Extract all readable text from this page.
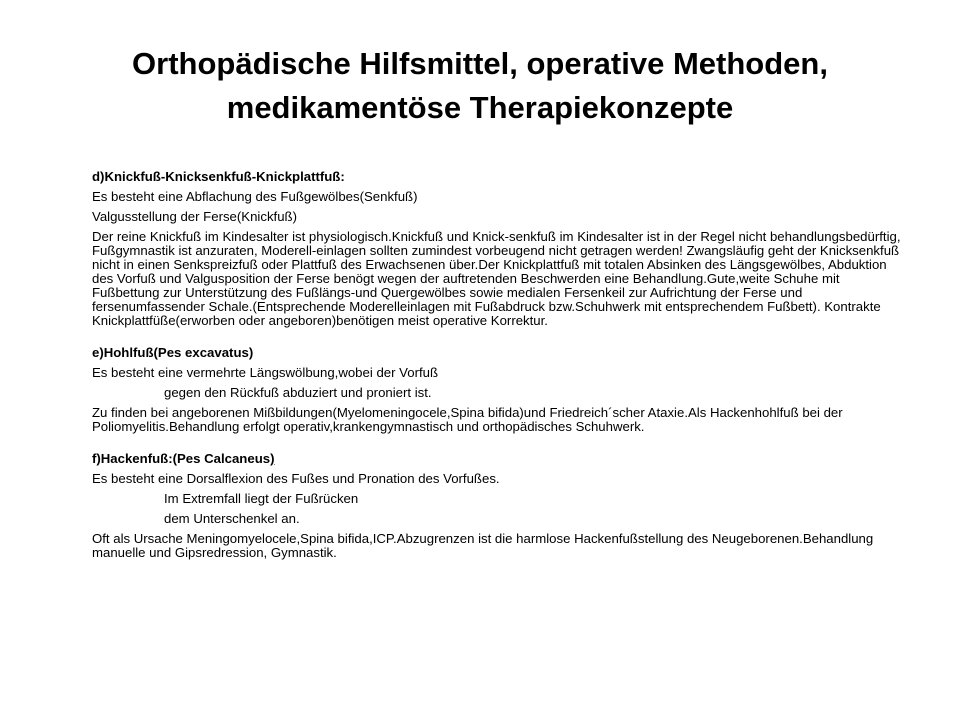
Orthopädische Hilfsmittel, operative Methoden,
medikamentöse Therapiekonzepte

d)Knickfuß-Knicksenkfuß-Knickplattfuß:

Es besteht eine Abflachung des Fußgewölbes(Senkfuß)

Valgusstellung der Ferse(Knickfuß)

Der reine Knickfuß im Kindesalter ist physiologisch.Knickfuß und Knick-senkfuß im Kindesalter ist in der Regel nicht behandlungsbedürftig, Fußgymnastik ist anzuraten, Moderell-einlagen sollten zumindest vorbeugend nicht getragen werden! Zwangsläufig geht der Knicksenkfuß nicht in einen Senkspreizfuß oder Plattfuß des Erwachsenen über.Der Knickplattfuß mit totalen Absinken des Längsgewölbes, Abduktion des Vorfuß und Valgusposition der Ferse benögt wegen der auftretenden Beschwerden eine Behandlung.Gute,weite Schuhe mit Fußbettung zur Unterstützung des Fußlängs-und Quergewölbes sowie medialen Fersenkeil zur Aufrichtung der Ferse und fersenumfassender Schale.(Entsprechende Moderelleinlagen mit Fußabdruck bzw.Schuhwerk mit entsprechendem Fußbett). Kontrakte Knickplattfüße(erworben oder angeboren)benötigen meist operative Korrektur.

e)Hohlfuß(Pes excavatus)

Es besteht eine vermehrte Längswölbung,wobei der Vorfuß

gegen den Rückfuß abduziert und proniert ist.

Zu finden bei angeborenen Mißbildungen(Myelomeningocele,Spina bifida)und Friedreich´scher Ataxie.Als Hackenhohlfuß bei der Poliomyelitis.Behandlung erfolgt operativ,krankengymnastisch und orthopädisches Schuhwerk.

f)Hackenfuß:(Pes Calcaneus)

Es besteht eine Dorsalflexion des Fußes und Pronation des Vorfußes.

Im Extremfall liegt der Fußrücken

dem Unterschenkel an.

Oft als Ursache Meningomyelocele,Spina bifida,ICP.Abzugrenzen ist die harmlose Hackenfußstellung des Neugeborenen.Behandlung manuelle und Gipsredression, Gymnastik.
